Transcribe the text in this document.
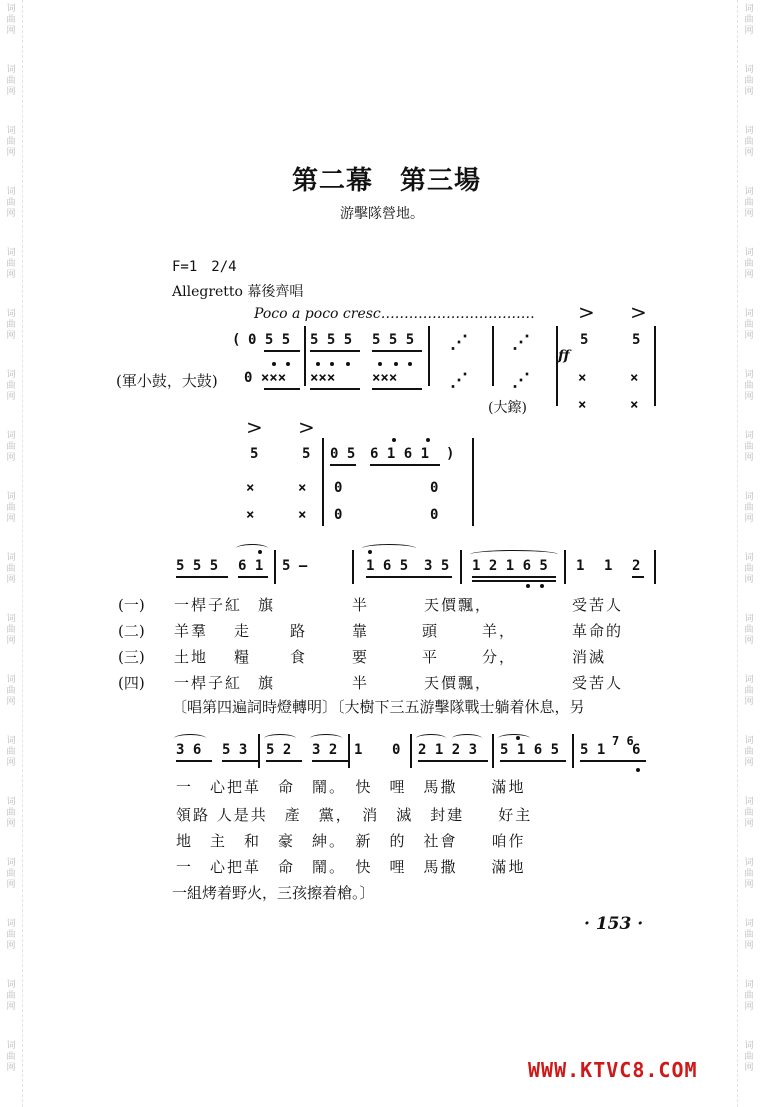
词曲网
词曲网
词曲网
词曲网
词曲网
词曲网
词曲网
词曲网
词曲网
词曲网
词曲网
词曲网
词曲网
词曲网
词曲网
词曲网
词曲网
词曲网
词曲网
词曲网
词曲网
词曲网
词曲网
词曲网
词曲网
词曲网
词曲网
词曲网
词曲网
词曲网
词曲网
词曲网
词曲网
词曲网
词曲网
词曲网
第二幕　第三場
游擊隊營地。
F=1　2/4
Allegretto 幕後齊唱
Poco a poco cresc…………………………… > >
( 0 5 5 5 5 5 5 5 5 ⋰ ⋰	5	5
ff
(軍小鼓，大鼓) 0 ××× ×××	×××	⋰ ⋰	×	×
(大鑔)	×	×
> >
5	5 0 5 6 1 6 1 )
×	× 0	0
×	× 0	0
5 5 5 6 1 5 —	1 6 5 3 5 1 2 1 6 5 1 1 2
(一) 一桿子紅 旗	半	天價飄，	受苦人
(二) 羊羣 走	路	靠	頭	羊，	革命的
(三) 土地 糧	食	要	平	分，	消滅
(四) 一桿子紅 旗	半	天價飄，	受苦人
〔唱第四遍詞時燈轉明〕〔大樹下三五游擊隊戰士躺着休息，另
3 6 5 3 5 2 3 2 1 0 2 1 2 3 5 1 6 5 5 1
7 6
6
一　心把革　命　鬧。　快　哩　馬撒　　滿地
領路 人是共　產　黨，　消　滅　封建　　好主
地　主　和　豪　紳。　新　的　社會　　咱作
一　心把革　命　鬧。　快　哩　馬撒　　滿地
一組烤着野火，三孩擦着槍。〕
· 153 ·
WWW.KTVC8.COM
